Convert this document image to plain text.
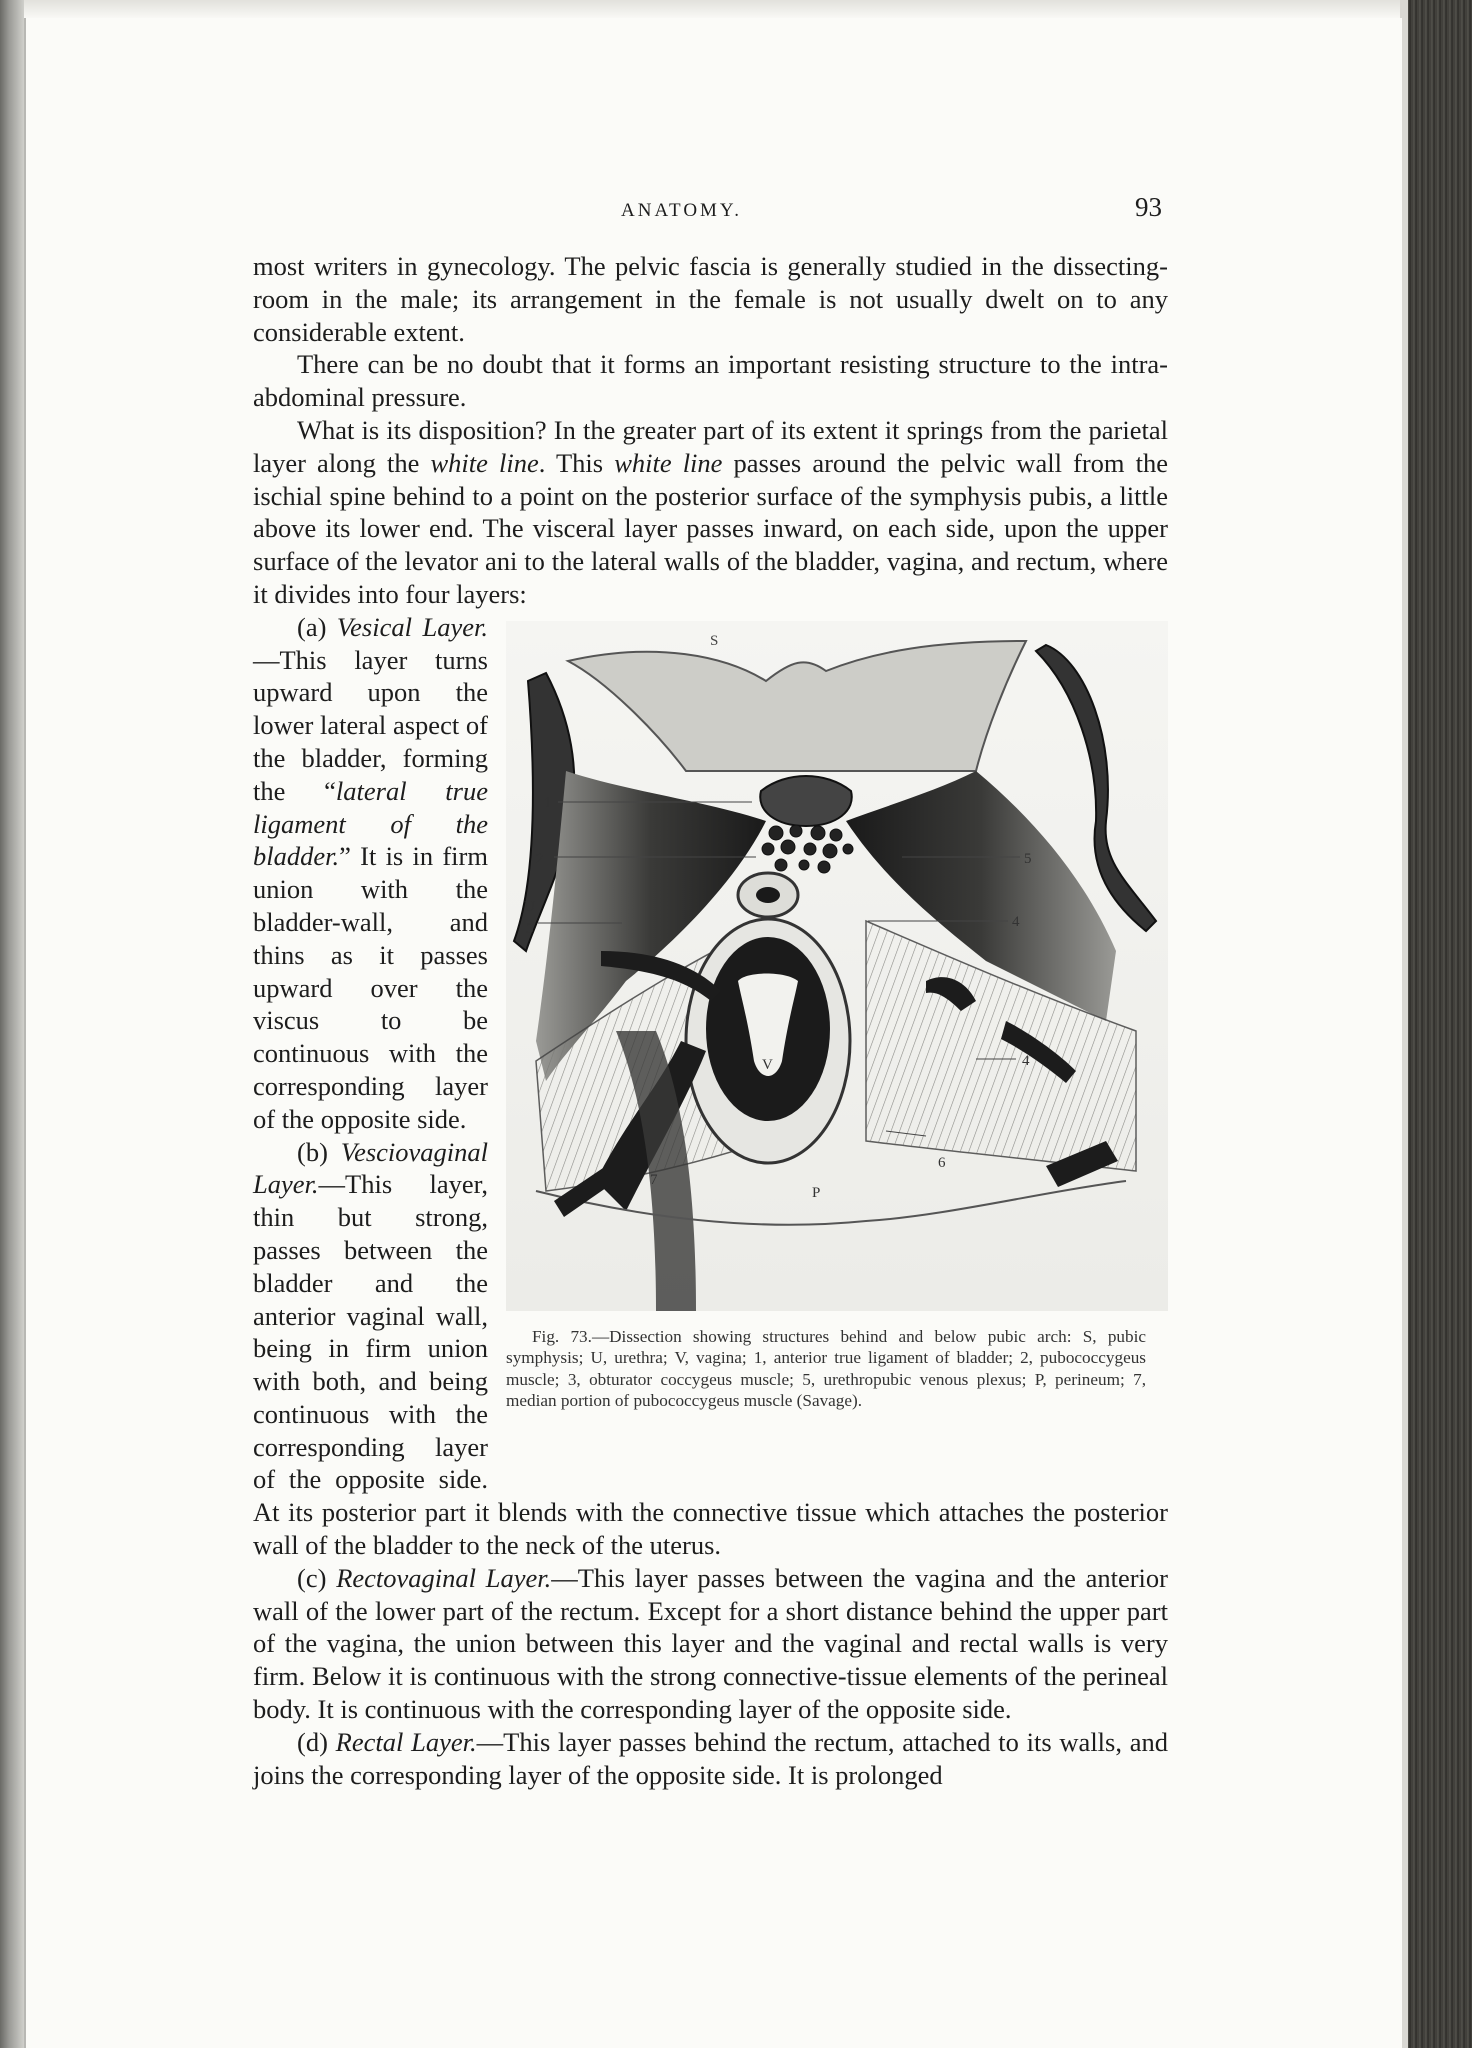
ANATOMY.	93

most writers in gynecology. The pelvic fascia is generally studied in the dissecting-room in the male; its arrangement in the female is not usually dwelt on to any considerable extent.

There can be no doubt that it forms an important resisting structure to the intra-abdominal pressure.

What is its disposition? In the greater part of its extent it springs from the parietal layer along the white line. This white line passes around the pelvic wall from the ischial spine behind to a point on the posterior surface of the symphysis pubis, a little above its lower end. The visceral layer passes inward, on each side, upon the upper surface of the levator ani to the lateral walls of the bladder, vagina, and rectum, where it divides into four layers:

S
1
2
U
3
5
4
4
V
7
P
6

Fig. 73.—Dissection showing structures behind and below pubic arch: S, pubic symphysis; U, urethra; V, vagina; 1, anterior true ligament of bladder; 2, pubococcygeus muscle; 3, obturator coccygeus muscle; 5, urethropubic venous plexus; P, perineum; 7, median portion of pubococcygeus muscle (Savage).

(a) Vesical Layer.—This layer turns upward upon the lower lateral aspect of the bladder, forming the “lateral true ligament of the bladder.” It is in firm union with the bladder-wall, and thins as it passes upward over the viscus to be continuous with the corresponding layer of the opposite side.

(b) Vesciovaginal Layer.—This layer, thin but strong, passes between the bladder and the anterior vaginal wall, being in firm union with both, and being continuous with the corresponding layer of the opposite side. At its posterior part it blends with the connective tissue which attaches the posterior wall of the bladder to the neck of the uterus.

(c) Rectovaginal Layer.—This layer passes between the vagina and the anterior wall of the lower part of the rectum. Except for a short distance behind the upper part of the vagina, the union between this layer and the vaginal and rectal walls is very firm. Below it is continuous with the strong connective-tissue elements of the perineal body. It is continuous with the corresponding layer of the opposite side.

(d) Rectal Layer.—This layer passes behind the rectum, attached to its walls, and joins the corresponding layer of the opposite side. It is prolonged
